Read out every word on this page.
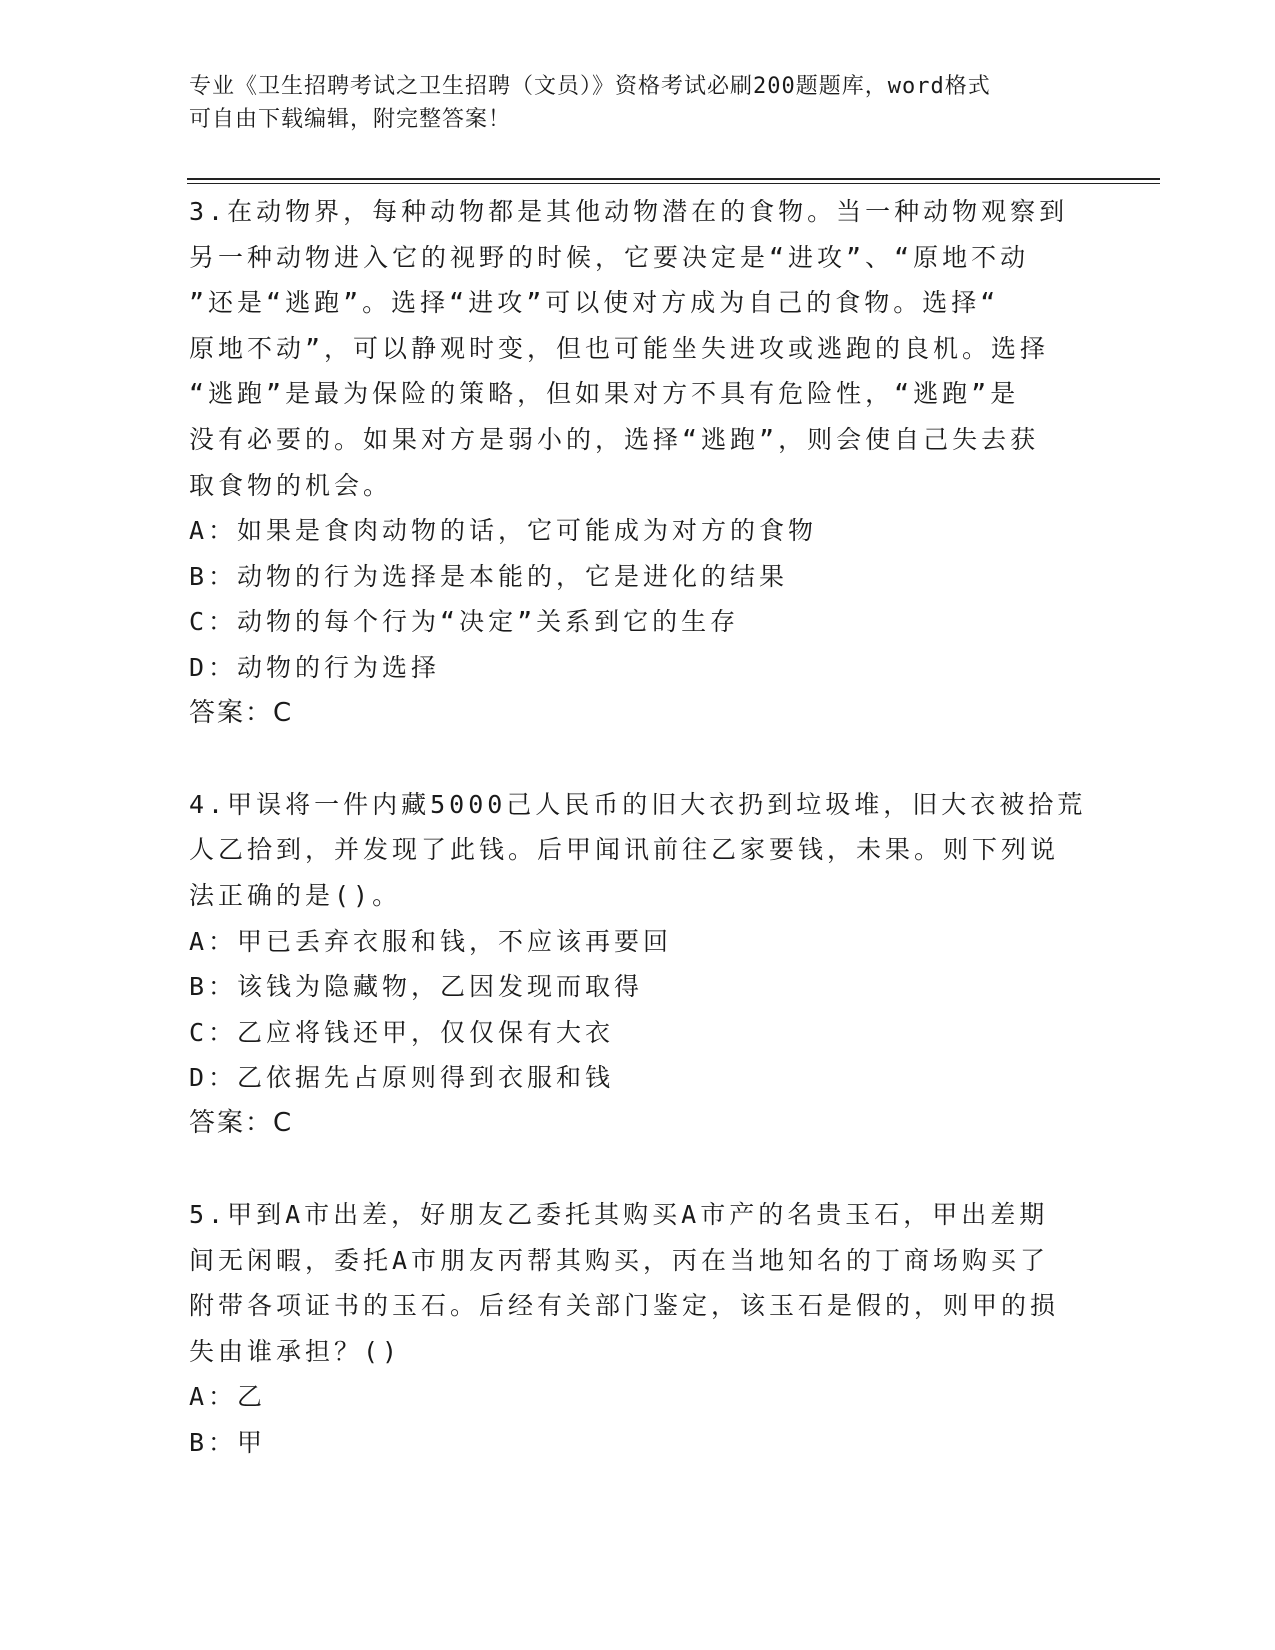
专业《卫生招聘考试之卫生招聘（文员）》资格考试必刷200题题库，word格式
可自由下载编辑，附完整答案！

3.在动物界，每种动物都是其他动物潜在的食物。当一种动物观察到
另一种动物进入它的视野的时候，它要决定是“进攻”、“原地不动
”还是“逃跑”。选择“进攻”可以使对方成为自己的食物。选择“
原地不动”，可以静观时变，但也可能坐失进攻或逃跑的良机。选择
“逃跑”是最为保险的策略，但如果对方不具有危险性，“逃跑”是
没有必要的。如果对方是弱小的，选择“逃跑”，则会使自己失去获
取食物的机会。

A：如果是食肉动物的话，它可能成为对方的食物

B：动物的行为选择是本能的，它是进化的结果

C：动物的每个行为“决定”关系到它的生存

D：动物的行为选择

答案：C

4.甲误将一件内藏5000己人民币的旧大衣扔到垃圾堆，旧大衣被拾荒
人乙拾到，并发现了此钱。后甲闻讯前往乙家要钱，未果。则下列说
法正确的是()。

A：甲已丢弃衣服和钱，不应该再要回

B：该钱为隐藏物，乙因发现而取得

C：乙应将钱还甲，仅仅保有大衣

D：乙依据先占原则得到衣服和钱

答案：C

5.甲到A市出差，好朋友乙委托其购买A市产的名贵玉石，甲出差期
间无闲暇，委托A市朋友丙帮其购买，丙在当地知名的丁商场购买了
附带各项证书的玉石。后经有关部门鉴定，该玉石是假的，则甲的损
失由谁承担？()

A：乙

B：甲
